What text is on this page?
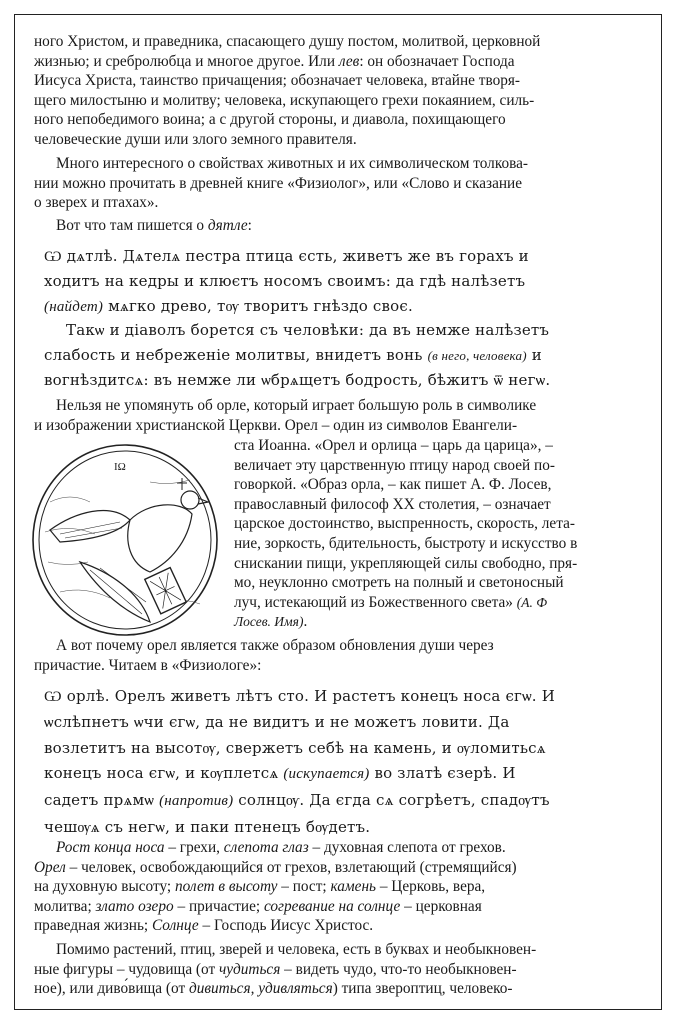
ного Христом, и праведника, спасающего душу постом, молитвой, церковной
жизнью; и сребролюбца и многое другое. Или лев: он обозначает Господа
Иисуса Христа, таинство причащения; обозначает человека, втайне творя-
щего милостыню и молитву; человека, искупающего грехи покаянием, силь-
ного непобедимого воина; а с другой стороны, и диавола, похищающего
человеческие души или злого земного правителя.
Много интересного о свойствах животных и их символическом толкова-
нии можно прочитать в древней книге «Физиолог», или «Слово и сказание
о зверех и птахах».
Вот что там пишется о дятле:
Ѡ дѧтлѣ. Дѧтелѧ пестра птица єсть, живетъ же въ горахъ и
ходитъ на кедры и клюєтъ носомъ своимъ: да гдѣ налѣзетъ
(найдет) мѧгко древо, тѹ творитъ гнѣздо своє.
Такѡ и діаволъ борется съ человѣки: да въ немже налѣзетъ
слабость и небреженіе молитвы, внидетъ вонь (в него, человека) и
вогнѣздитсѧ: въ немже ли ѡбрѧщетъ бодрость, бѣжитъ ѿ негѡ.
Нельзя не упомянуть об орле, который играет большую роль в символике
и изображении христианской Церкви. Орел – один из символов Евангели-
IΩ
ста Иоанна. «Орел и орлица – царь да царица», –
величает эту царственную птицу народ своей по-
говоркой. «Образ орла, – как пишет А. Ф. Лосев,
православный философ XX столетия, – означает
царское достоинство, выспренность, скорость, лета-
ние, зоркость, бдительность, быстроту и искусство в
снискании пищи, укрепляющей силы свободно, пря-
мо, неуклонно смотреть на полный и светоносный
луч, истекающий из Божественного света» (А. Ф
Лосев. Имя).
А вот почему орел является также образом обновления души через
причастие. Читаем в «Физиологе»:
Ѡ орлѣ. Орелъ живетъ лѣтъ сто. И растетъ конецъ носа єгѡ. И
ѡслѣпнетъ ѡчи єгѡ, да не видитъ и не можетъ ловити. Да
возлетитъ на высотѹ, свержетъ себѣ на камень, и ѹломитьсѧ
конецъ носа єгѡ, и кѹплетсѧ (искупается) во златѣ єзерѣ. И
садетъ прѧмѡ (напротив) солнцѹ. Да єгда сѧ согрѣетъ, спадѹтъ
чешѹѧ съ негѡ, и паки птенецъ бѹдетъ.
Рост конца носа – грехи, слепота глаз – духовная слепота от грехов.
Орел – человек, освобождающийся от грехов, взлетающий (стремящийся)
на духовную высоту; полет в высоту – пост; камень – Церковь, вера,
молитва; злато озеро – причастие; согревание на солнце – церковная
праведная жизнь; Солнце – Господь Иисус Христос.
Помимо растений, птиц, зверей и человека, есть в буквах и необыкновен-
ные фигуры – чудовища (от чудиться – видеть чудо, что-то необыкновен-
ное), или диво́вища (от дивиться, удивляться) типа звероптиц, человеко-
